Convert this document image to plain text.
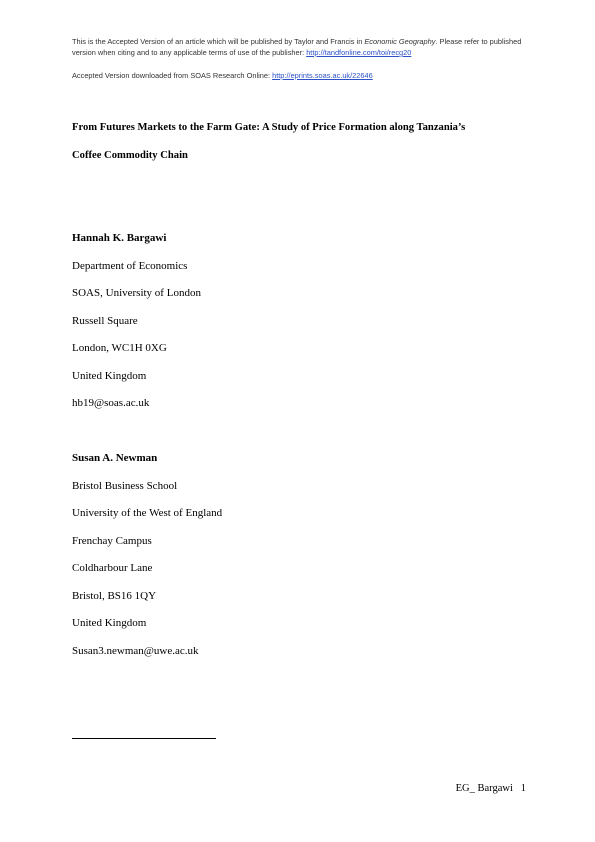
This is the Accepted Version of an article which will be published by Taylor and Francis in Economic Geography. Please refer to published version when citing and to any applicable terms of use of the publisher: http://tandfonline.com/toi/recg20
Accepted Version downloaded from SOAS Research Online: http://eprints.soas.ac.uk/22646
From Futures Markets to the Farm Gate: A Study of Price Formation along Tanzania’s
Coffee Commodity Chain
Hannah K. Bargawi
Department of Economics
SOAS, University of London
Russell Square
London, WC1H 0XG
United Kingdom
hb19@soas.ac.uk
Susan A. Newman
Bristol Business School
University of the West of England
Frenchay Campus
Coldharbour Lane
Bristol, BS16 1QY
United Kingdom
Susan3.newman@uwe.ac.uk
EG_ Bargawi 1
